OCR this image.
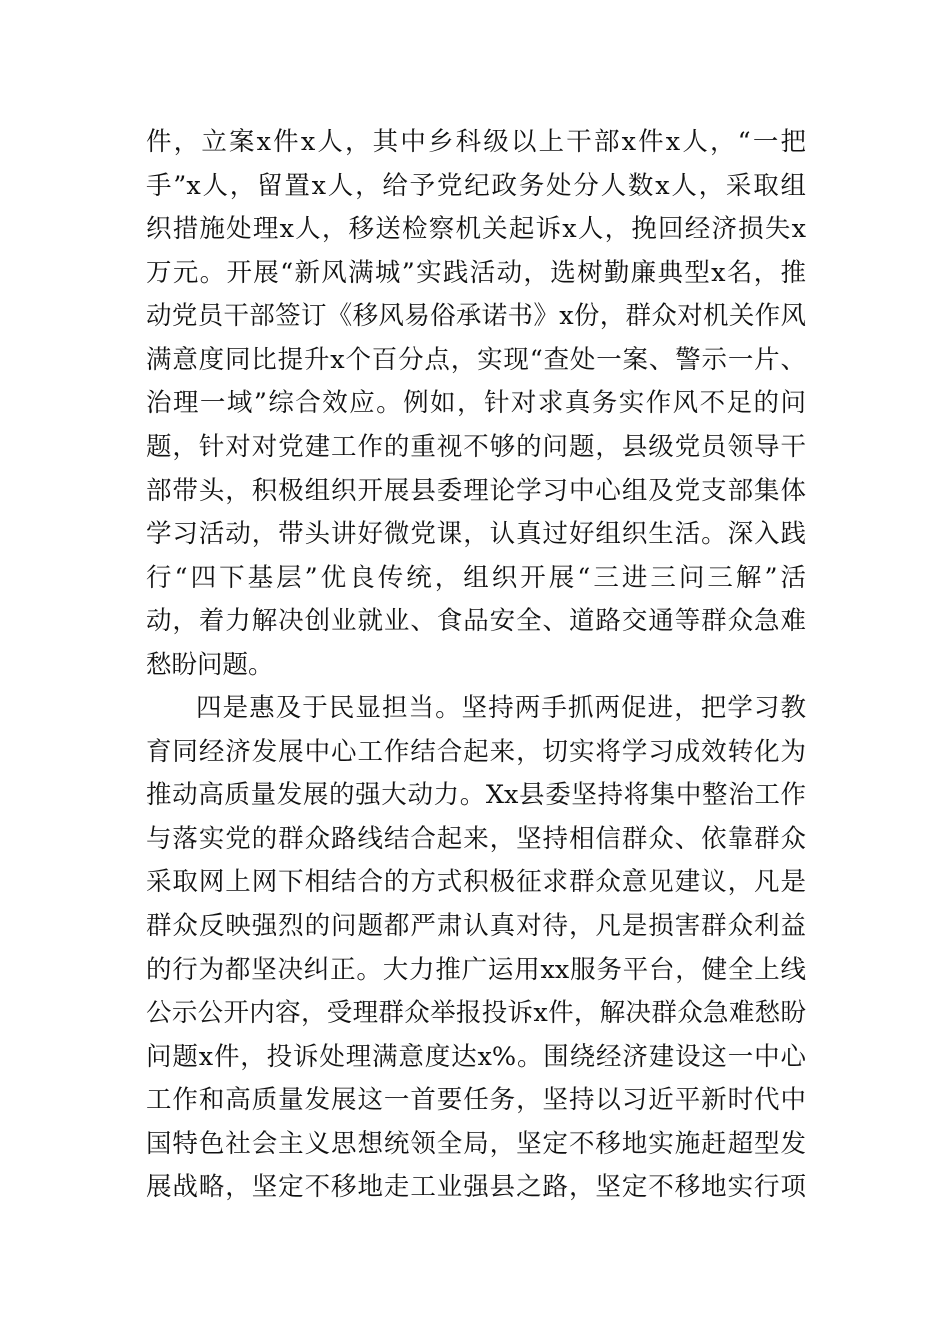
件，立案x件x人，其中乡科级以上干部x件x人，“一把

手”x人，留置x人，给予党纪政务处分人数x人，采取组

织措施处理x人，移送检察机关起诉x人，挽回经济损失x

万元。开展“新风满城”实践活动，选树勤廉典型x名，推

动党员干部签订《移风易俗承诺书》x份，群众对机关作风

满意度同比提升x个百分点，实现“查处一案、警示一片、

治理一域”综合效应。例如，针对求真务实作风不足的问

题，针对对党建工作的重视不够的问题，县级党员领导干

部带头，积极组织开展县委理论学习中心组及党支部集体

学习活动，带头讲好微党课，认真过好组织生活。深入践

行“四下基层”优良传统，组织开展“三进三问三解”活

动，着力解决创业就业、食品安全、道路交通等群众急难

愁盼问题。

四是惠及于民显担当。坚持两手抓两促进，把学习教

育同经济发展中心工作结合起来，切实将学习成效转化为

推动高质量发展的强大动力。Xx县委坚持将集中整治工作

与落实党的群众路线结合起来，坚持相信群众、依靠群众

采取网上网下相结合的方式积极征求群众意见建议，凡是

群众反映强烈的问题都严肃认真对待，凡是损害群众利益

的行为都坚决纠正。大力推广运用xx服务平台，健全上线

公示公开内容，受理群众举报投诉x件，解决群众急难愁盼

问题x件，投诉处理满意度达x%。围绕经济建设这一中心

工作和高质量发展这一首要任务，坚持以习近平新时代中

国特色社会主义思想统领全局，坚定不移地实施赶超型发

展战略，坚定不移地走工业强县之路，坚定不移地实行项
